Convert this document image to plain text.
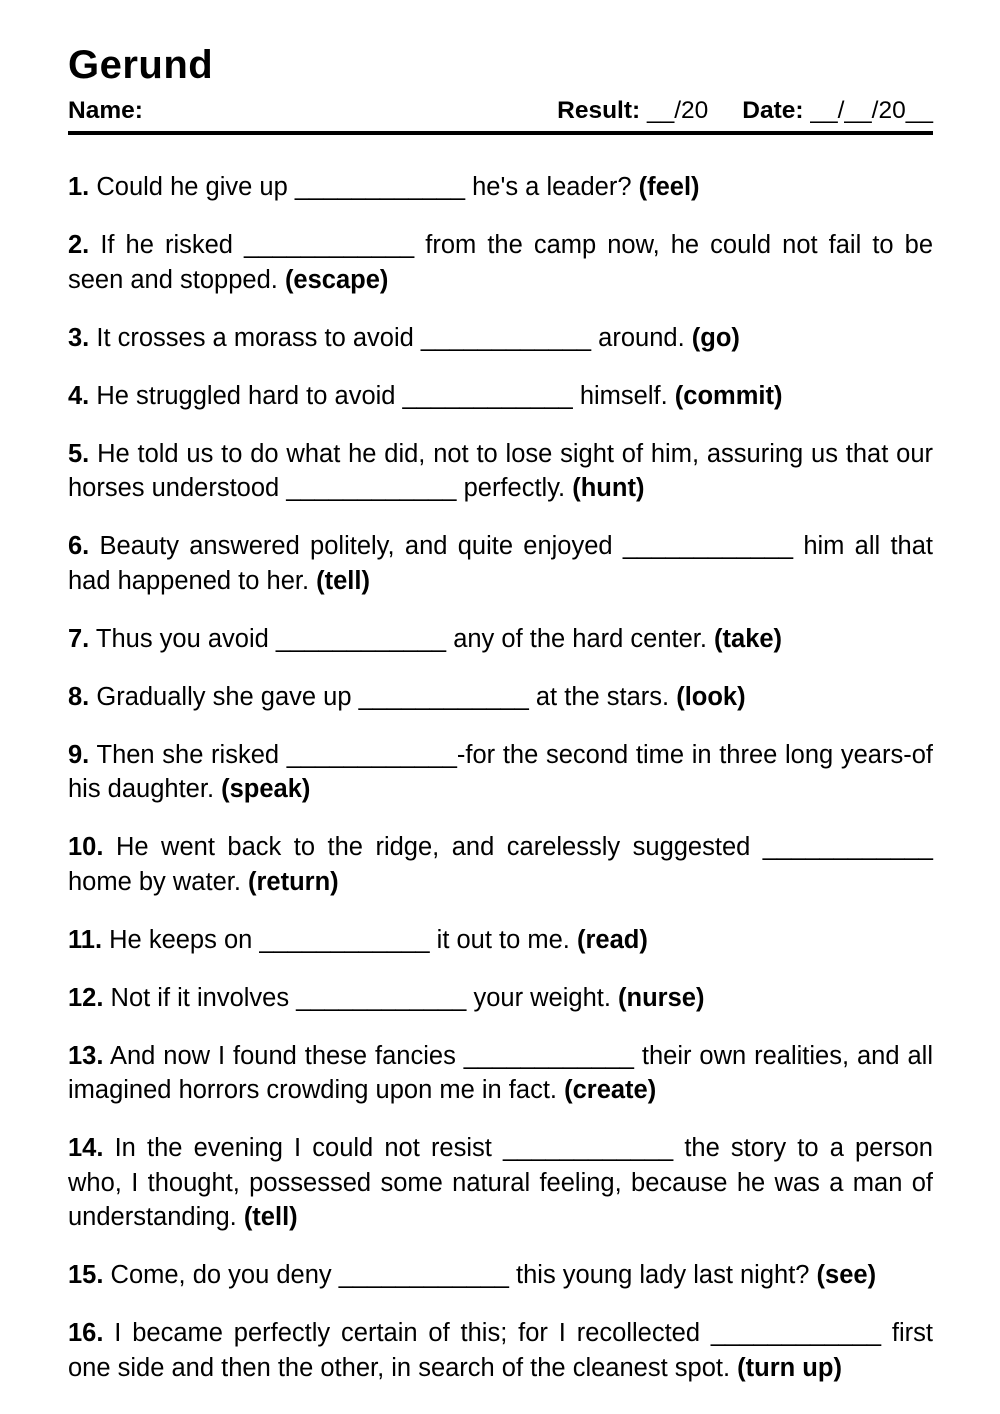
Gerund
Name:	Result: __/20 Date: __/__/20__

1. Could he give up ____________ he's a leader? (feel)

2. If he risked ____________ from the camp now, he could not fail to be seen and stopped. (escape)

3. It crosses a morass to avoid ____________ around. (go)

4. He struggled hard to avoid ____________ himself. (commit)

5. He told us to do what he did, not to lose sight of him, assuring us that our horses understood ____________ perfectly. (hunt)

6. Beauty answered politely, and quite enjoyed ____________ him all that had happened to her. (tell)

7. Thus you avoid ____________ any of the hard center. (take)

8. Gradually she gave up ____________ at the stars. (look)

9. Then she risked ____________-for the second time in three long years-of his daughter. (speak)

10. He went back to the ridge, and carelessly suggested ____________ home by water. (return)

11. He keeps on ____________ it out to me. (read)

12. Not if it involves ____________ your weight. (nurse)

13. And now I found these fancies ____________ their own realities, and all imagined horrors crowding upon me in fact. (create)

14. In the evening I could not resist ____________ the story to a person who, I thought, possessed some natural feeling, because he was a man of understanding. (tell)

15. Come, do you deny ____________ this young lady last night? (see)

16. I became perfectly certain of this; for I recollected ____________ first one side and then the other, in search of the cleanest spot. (turn up)
